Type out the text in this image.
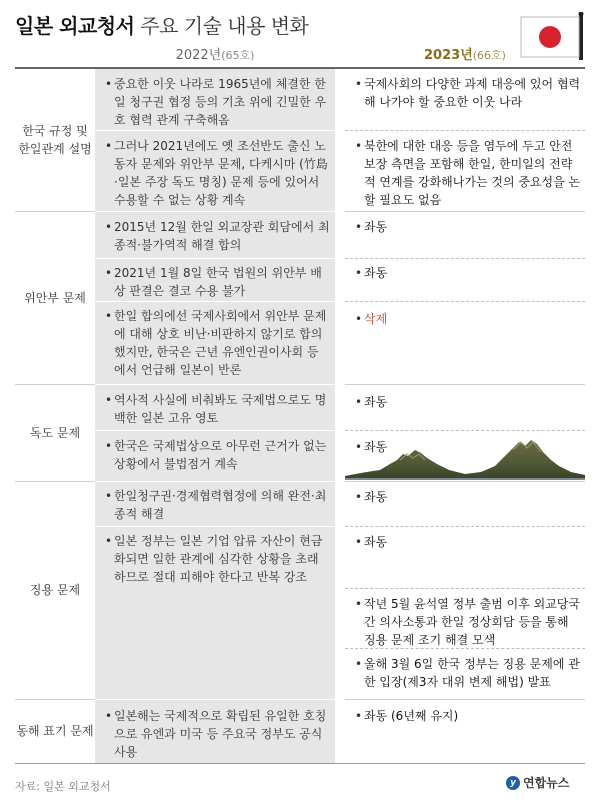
일본 외교청서 주요 기술 내용 변화
2022년(65호)	2023년(66호)
한국 규정 및 한일관계 설명
위안부 문제
독도 문제
징용 문제
동해 표기 문제
• 중요한 이웃 나라로 1965년에 체결한 한일 청구권 협정 등의 기초 위에 긴밀한 우호 협력 관계 구축해옴
• 그러나 2021년에도 옛 조선반도 출신 노동자 문제와 위안부 문제, 다케시마 (竹島·일본 주장 독도 명칭) 문제 등에 있어서 수용할 수 없는 상황 계속
• 2015년 12월 한일 외교장관 회담에서 최종적·불가역적 해결 합의
• 2021년 1월 8일 한국 법원의 위안부 배상 판결은 결코 수용 불가
• 한일 합의에선 국제사회에서 위안부 문제에 대해 상호 비난·비판하지 않기로 합의했지만, 한국은 근년 유엔인권이사회 등에서 언급해 일본이 반론
• 역사적 사실에 비춰봐도 국제법으로도 명백한 일본 고유 영토
• 한국은 국제법상으로 아무런 근거가 없는 상황에서 불법점거 계속
• 한일청구권·경제협력협정에 의해 완전·최종적 해결
• 일본 정부는 일본 기업 압류 자산이 현금화되면 일한 관계에 심각한 상황을 초래하므로 절대 피해야 한다고 반복 강조
• 일본해는 국제적으로 확립된 유일한 호칭으로 유엔과 미국 등 주요국 정부도 공식 사용
• 국제사회의 다양한 과제 대응에 있어 협력해 나가야 할 중요한 이웃 나라
• 북한에 대한 대응 등을 염두에 두고 안전보장 측면을 포함해 한일, 한미일의 전략적 연계를 강화해나가는 것의 중요성을 논할 필요도 없음
• 좌동
• 좌동
• 삭제
• 좌동
• 좌동
• 좌동
• 좌동
• 작년 5월 윤석열 정부 출범 이후 외교당국 간 의사소통과 한일 정상회담 등을 통해 징용 문제 조기 해결 모색
• 올해 3월 6일 한국 정부는 징용 문제에 관한 입장(제3자 대위 변제 해법) 발표
• 좌동 (6년째 유지)
자료: 일본 외교청서	y 연합뉴스
